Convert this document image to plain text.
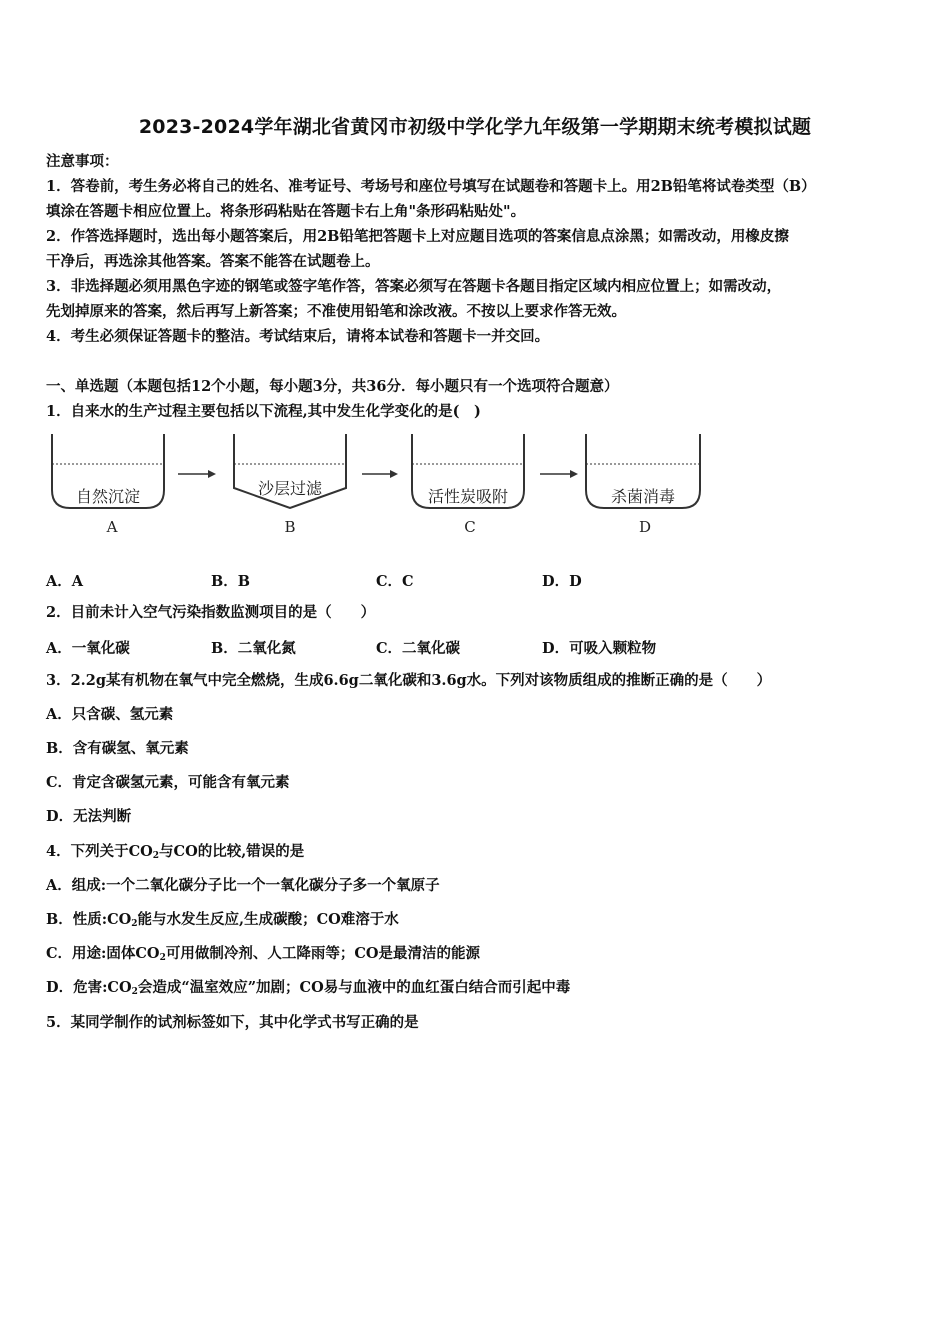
2023-2024学年湖北省黄冈市初级中学化学九年级第一学期期末统考模拟试题
注意事项：
1．答卷前，考生务必将自己的姓名、准考证号、考场号和座位号填写在试题卷和答题卡上。用2B铅笔将试卷类型（B）
填涂在答题卡相应位置上。将条形码粘贴在答题卡右上角"条形码粘贴处"。
2．作答选择题时，选出每小题答案后，用2B铅笔把答题卡上对应题目选项的答案信息点涂黑；如需改动，用橡皮擦
干净后，再选涂其他答案。答案不能答在试题卷上。
3．非选择题必须用黑色字迹的钢笔或签字笔作答，答案必须写在答题卡各题目指定区域内相应位置上；如需改动，
先划掉原来的答案，然后再写上新答案；不准使用铅笔和涂改液。不按以上要求作答无效。
4．考生必须保证答题卡的整洁。考试结束后，请将本试卷和答题卡一并交回。
一、单选题（本题包括12个小题，每小题3分，共36分．每小题只有一个选项符合题意）
1．自来水的生产过程主要包括以下流程,其中发生化学变化的是(　)
自然沉淀
A
沙层过滤
B
活性炭吸附
C
杀菌消毒
D
A．A	B．B	C．C	D．D
2．目前未计入空气污染指数监测项目的是（　　）
A．一氧化碳	B．二氧化氮	C．二氧化碳	D．可吸入颗粒物
3．2.2g某有机物在氧气中完全燃烧，生成6.6g二氧化碳和3.6g水。下列对该物质组成的推断正确的是（　　）
A．只含碳、氢元素
B．含有碳氢、氧元素
C．肯定含碳氢元素，可能含有氧元素
D．无法判断
4．下列关于$CO_2$与CO的比较,错误的是
A．组成:一个二氧化碳分子比一个一氧化碳分子多一个氧原子
B．性质$:CO_2$能与水发生反应,生成碳酸；CO难溶于水
C．用途:固体$CO_2$可用做制冷剂、人工降雨等；CO是最清洁的能源
D．危害$:CO_2$会造成“温室效应”加剧；CO易与血液中的血红蛋白结合而引起中毒
5．某同学制作的试剂标签如下，其中化学式书写正确的是
